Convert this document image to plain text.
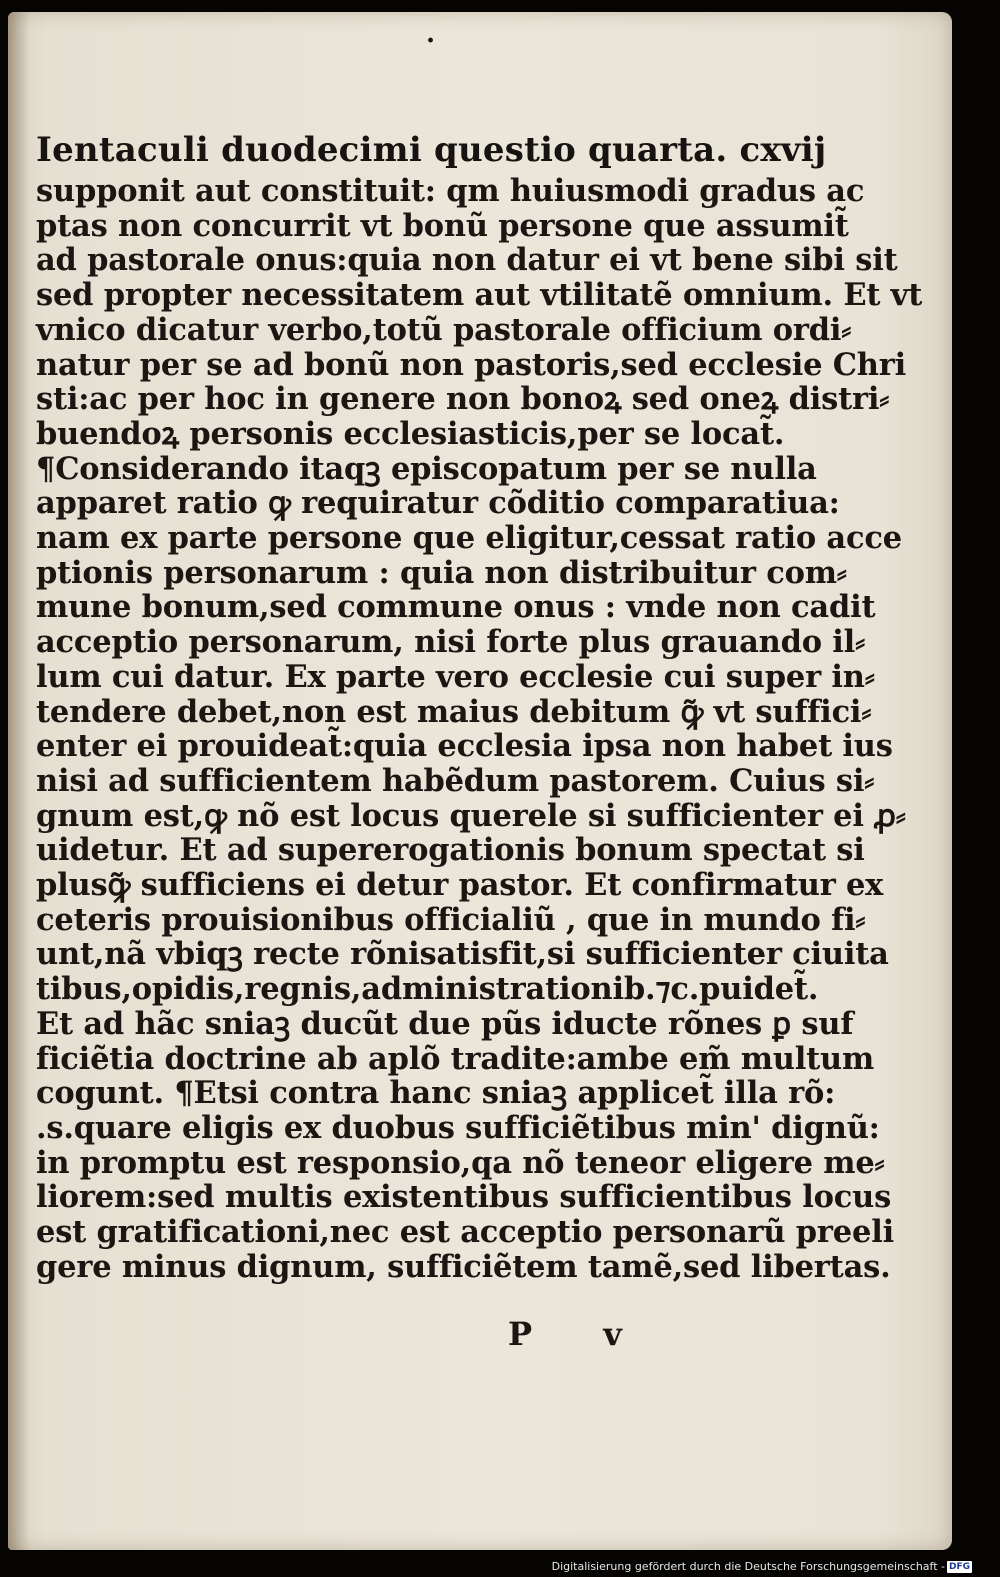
·
Ientaculi duodecimi questio quarta. cxvij
supponit aut constituit: qm huiusmodi gradus ac
ptas non concurrit vt bonũ persone que assumit̃
ad pastorale onus:quia non datur ei vt bene sibi sit
sed propter necessitatem aut vtilitatẽ omnium. Et vt
vnico dicatur verbo,totũ pastorale officium ordi⸗
natur per se ad bonũ non pastoris,sed ecclesie Chri
sti:ac per hoc in genere non bonoꝝ sed oneꝝ distri⸗
buendoꝝ personis ecclesiasticis,per se locat̃.
¶Considerando itaqꝫ episcopatum per se nulla
apparet ratio ꝙ requiratur cõditio comparatiua:
nam ex parte persone que eligitur,cessat ratio acce
ptionis personarum : quia non distribuitur com⸗
mune bonum,sed commune onus : vnde non cadit
acceptio personarum, nisi forte plus grauando il⸗
lum cui datur. Ex parte vero ecclesie cui super in⸗
tendere debet,non est maius debitum ꝙ̃ vt suffici⸗
enter ei prouideat̃:quia ecclesia ipsa non habet ius
nisi ad sufficientem habẽdum pastorem. Cuius si⸗
gnum est,ꝙ nõ est locus querele si sufficienter ei ꝓ⸗
uidetur. Et ad supererogationis bonum spectat si
plusꝙ̃ sufficiens ei detur pastor. Et confirmatur ex
ceteris prouisionibus officialiũ , que in mundo fi⸗
unt,nã vbiqꝫ recte rõnisatisfit,si sufficienter ciuita
tibus,opidis,regnis,administrationib.⁊c.puidet̃.
Et ad hãc sniaꝫ ducũt due pũs iducte rõnes ꝑ suf
ficiẽtia doctrine ab aplõ tradite:ambe em̃ multum
cogunt. ¶Etsi contra hanc sniaꝫ applicet̃ illa rõ:
.s.quare eligis ex duobus sufficiẽtibus min' dignũ:
in promptu est responsio,qa nõ teneor eligere me⸗
liorem:sed multis existentibus sufficientibus locus
est gratificationi,nec est acceptio personarũ preeli
gere minus dignum, sufficiẽtem tamẽ,sed libertas.
P v
Digitalisierung gefördert durch die Deutsche Forschungsgemeinschaft - DFG
